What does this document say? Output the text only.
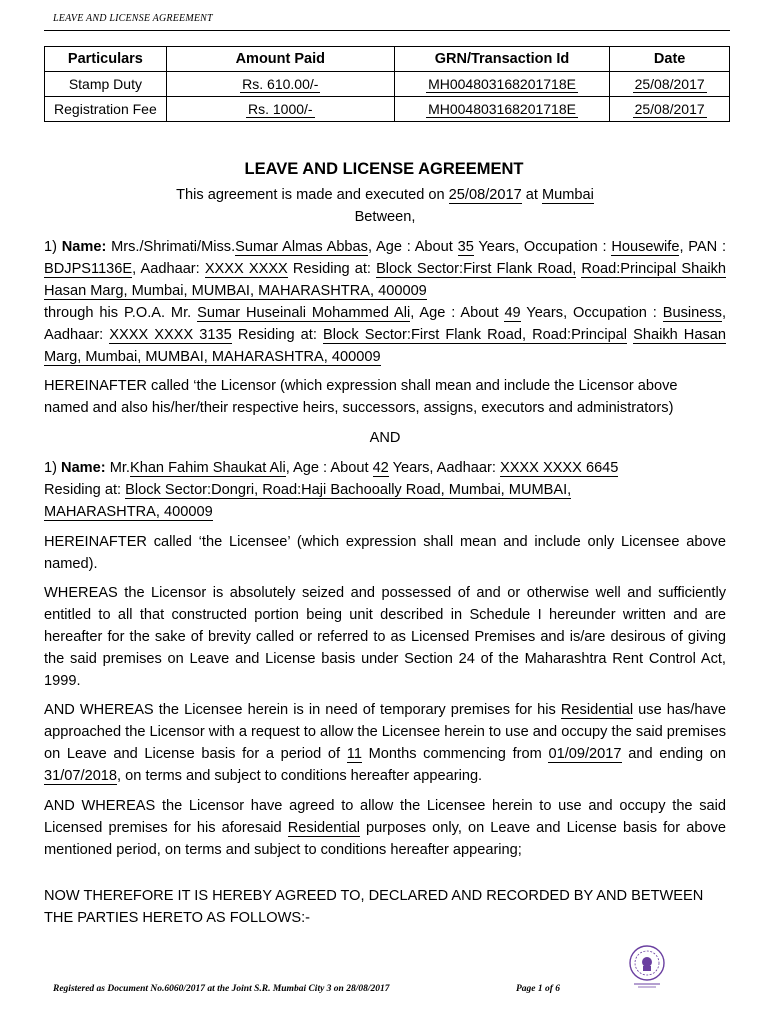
LEAVE AND LICENSE AGREEMENT
Particulars	Amount Paid	GRN/Transaction Id	Date
Stamp Duty	Rs. 610.00/-	MH004803168201718E	25/08/2017
Registration Fee	Rs. 1000/-	MH004803168201718E	25/08/2017
LEAVE AND LICENSE AGREEMENT
This agreement is made and executed on 25/08/2017 at Mumbai
Between,
1) Name: Mrs./Shrimati/Miss.Sumar Almas Abbas, Age : About 35 Years, Occupation : Housewife, PAN : BDJPS1136E, Aadhaar: XXXX XXXX Residing at: Block Sector:First Flank Road, Road:Principal Shaikh Hasan Marg, Mumbai, MUMBAI, MAHARASHTRA, 400009
through his P.O.A. Mr. Sumar Huseinali Mohammed Ali, Age : About 49 Years, Occupation : Business, Aadhaar: XXXX XXXX 3135 Residing at: Block Sector:First Flank Road, Road:Principal Shaikh Hasan Marg, Mumbai, MUMBAI, MAHARASHTRA, 400009
HEREINAFTER called ‘the Licensor (which expression shall mean and include the Licensor above named and also his/her/their respective heirs, successors, assigns, executors and administrators)
AND
1) Name: Mr.Khan Fahim Shaukat Ali, Age : About 42 Years, Aadhaar: XXXX XXXX 6645
Residing at: Block Sector:Dongri, Road:Haji Bachooally Road, Mumbai, MUMBAI,
MAHARASHTRA, 400009
HEREINAFTER called ‘the Licensee’ (which expression shall mean and include only Licensee above named).
WHEREAS the Licensor is absolutely seized and possessed of and or otherwise well and sufficiently entitled to all that constructed portion being unit described in Schedule I hereunder written and are hereafter for the sake of brevity called or referred to as Licensed Premises and is/are desirous of giving the said premises on Leave and License basis under Section 24 of the Maharashtra Rent Control Act, 1999.
AND WHEREAS the Licensee herein is in need of temporary premises for his Residential use has/have approached the Licensor with a request to allow the Licensee herein to use and occupy the said premises on Leave and License basis for a period of 11 Months commencing from 01/09/2017 and ending on 31/07/2018, on terms and subject to conditions hereafter appearing.
AND WHEREAS the Licensor have agreed to allow the Licensee herein to use and occupy the said Licensed premises for his aforesaid Residential purposes only, on Leave and License basis for above mentioned period, on terms and subject to conditions hereafter appearing;
NOW THEREFORE IT IS HEREBY AGREED TO, DECLARED AND RECORDED BY AND BETWEEN THE PARTIES HERETO AS FOLLOWS:-
Registered as Document No.6060/2017 at the Joint S.R. Mumbai City 3 on 28/08/2017	Page 1 of 6
